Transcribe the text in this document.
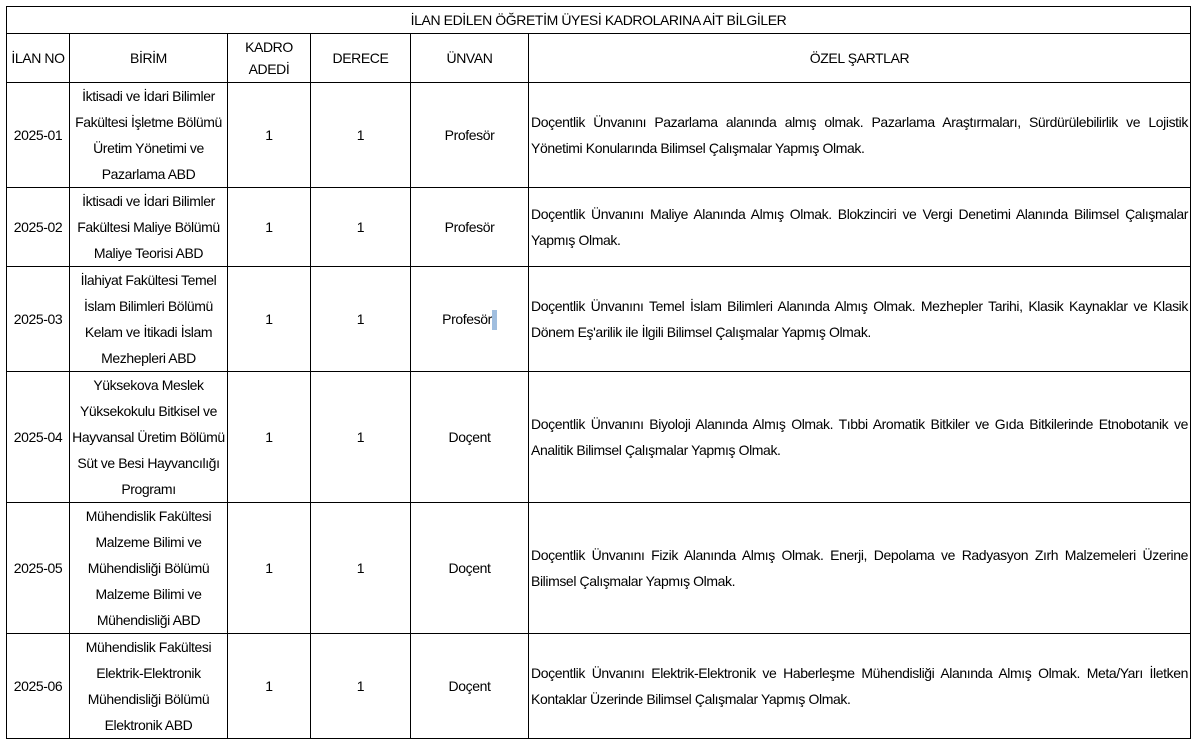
İLAN EDİLEN ÖĞRETİM ÜYESİ KADROLARINA AİT BİLGİLER					
İLAN NO	BİRİM	KADRO ADEDİ	DERECE	ÜNVAN	ÖZEL ŞARTLAR
2025-01	İktisadi ve İdari Bilimler Fakültesi İşletme Bölümü Üretim Yönetimi ve Pazarlama ABD	1	1	Profesör	Doçentlik Ünvanını Pazarlama alanında almış olmak. Pazarlama Araştırmaları, Sürdürülebilirlik ve Lojistik Yönetimi Konularında Bilimsel Çalışmalar Yapmış Olmak.
2025-02	İktisadi ve İdari Bilimler Fakültesi Maliye Bölümü Maliye Teorisi ABD	1	1	Profesör	Doçentlik Ünvanını Maliye Alanında Almış Olmak. Blokzinciri ve Vergi Denetimi Alanında Bilimsel Çalışmalar Yapmış Olmak.
2025-03	İlahiyat Fakültesi Temel İslam Bilimleri Bölümü Kelam ve İtikadi İslam Mezhepleri ABD	1	1	Profesör	Doçentlik Ünvanını Temel İslam Bilimleri Alanında Almış Olmak. Mezhepler Tarihi, Klasik Kaynaklar ve Klasik Dönem Eş'arilik ile İlgili Bilimsel Çalışmalar Yapmış Olmak.
2025-04	Yüksekova Meslek Yüksekokulu Bitkisel ve Hayvansal Üretim Bölümü Süt ve Besi Hayvancılığı Programı	1	1	Doçent	Doçentlik Ünvanını Biyoloji Alanında Almış Olmak. Tıbbi Aromatik Bitkiler ve Gıda Bitkilerinde Etnobotanik ve Analitik Bilimsel Çalışmalar Yapmış Olmak.
2025-05	Mühendislik Fakültesi Malzeme Bilimi ve Mühendisliği Bölümü Malzeme Bilimi ve Mühendisliği ABD	1	1	Doçent	Doçentlik Ünvanını Fizik Alanında Almış Olmak. Enerji, Depolama ve Radyasyon Zırh Malzemeleri Üzerine Bilimsel Çalışmalar Yapmış Olmak.
2025-06	Mühendislik Fakültesi Elektrik-Elektronik Mühendisliği Bölümü Elektronik ABD	1	1	Doçent	Doçentlik Ünvanını Elektrik-Elektronik ve Haberleşme Mühendisliği Alanında Almış Olmak. Meta/Yarı İletken Kontaklar Üzerinde Bilimsel Çalışmalar Yapmış Olmak.
